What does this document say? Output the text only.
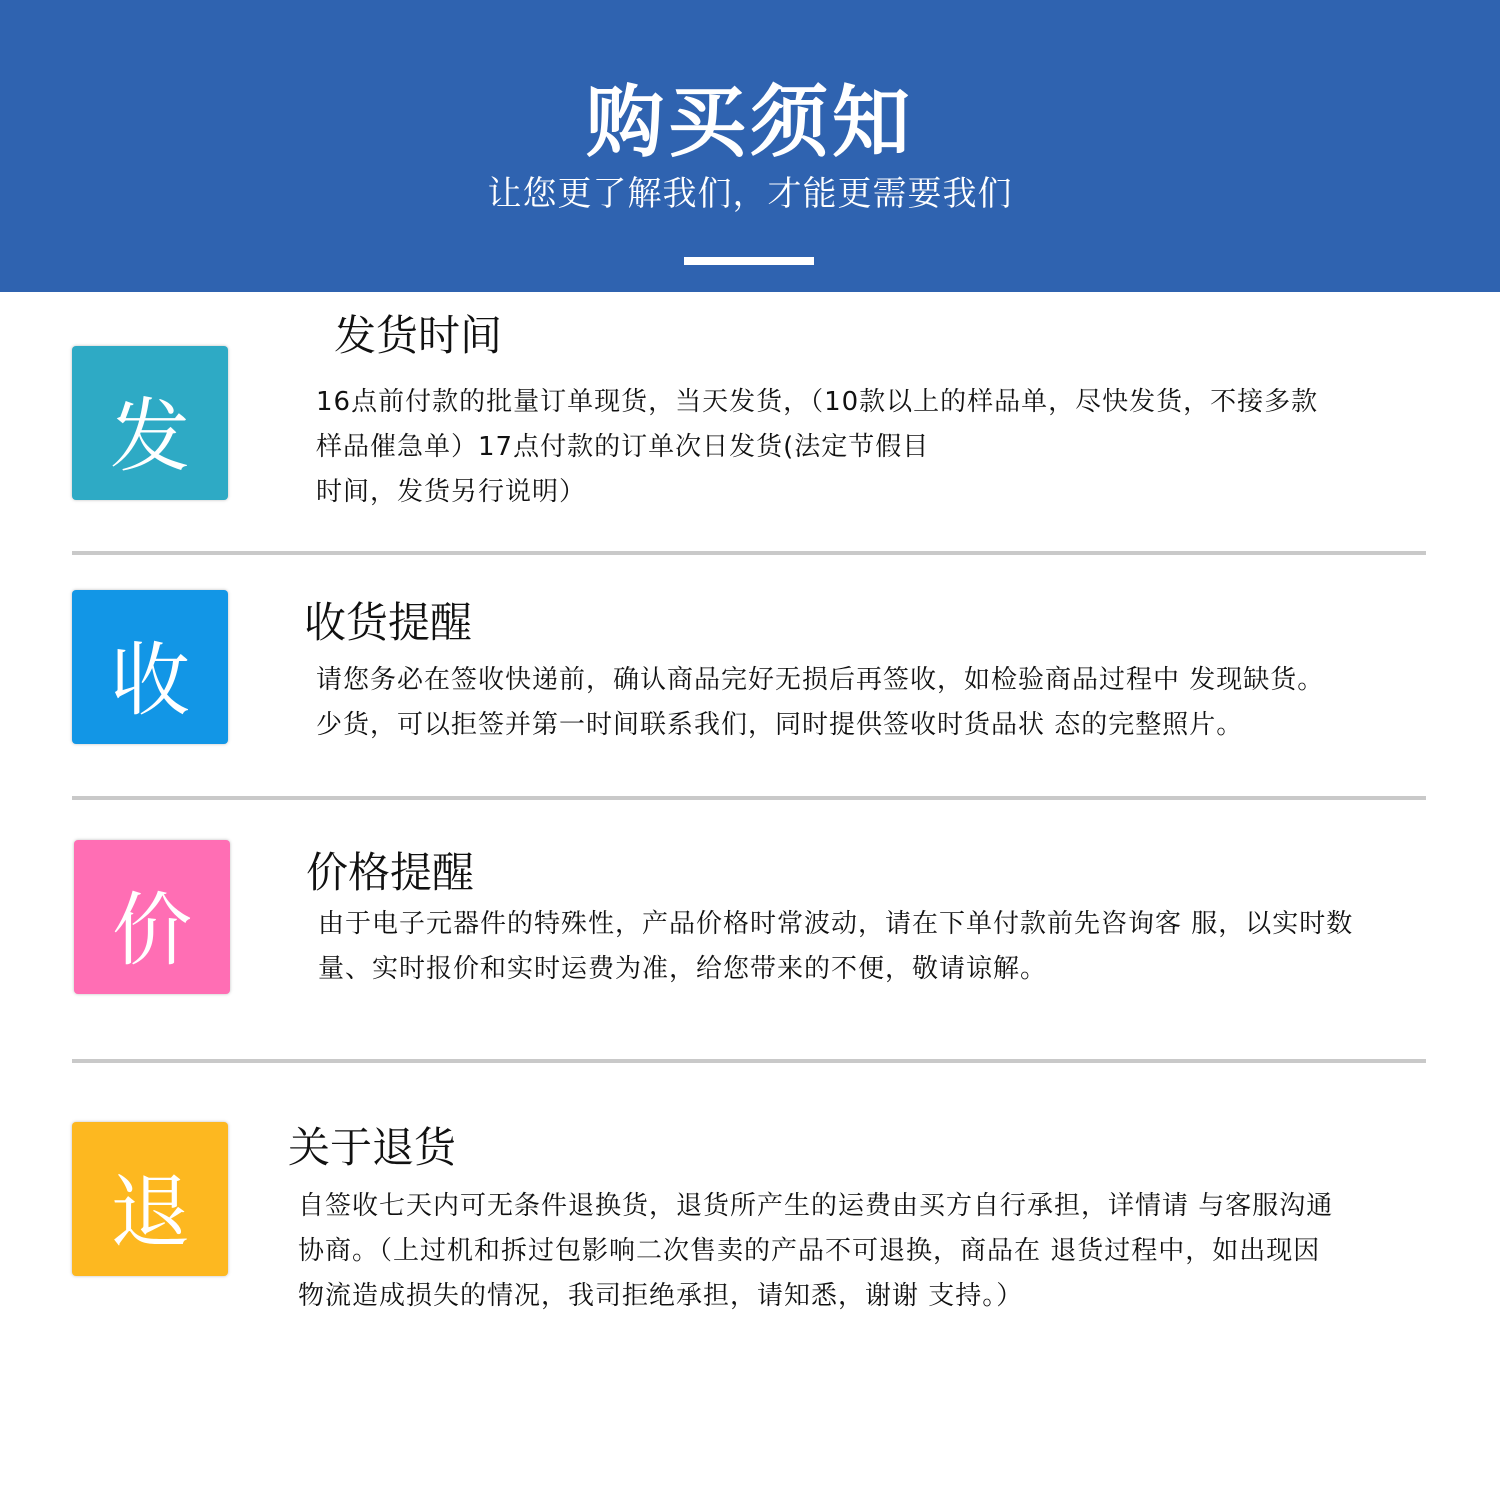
购买须知
让您更了解我们，才能更需要我们
发
发货时间
16点前付款的批量订单现货，当天发货，（10款以上的样品单，尽快发货，不接多款
样品催急单）17点付款的订单次日发货(法定节假目
时间，发货另行说明）
收
收货提醒
请您务必在签收快递前，确认商品完好无损后再签收，如检验商品过程中 发现缺货。
少货，可以拒签并第一时间联系我们，同时提供签收时货品状 态的完整照片。
价
价格提醒
由于电子元器件的特殊性，产品价格时常波动，请在下单付款前先咨询客 服，以实时数
量、实时报价和实时运费为准，给您带来的不便，敬请谅解。
退
关于退货
自签收七天内可无条件退换货，退货所产生的运费由买方自行承担，详情请 与客服沟通
协商。（上过机和拆过包影响二次售卖的产品不可退换，商品在 退货过程中，如出现因
物流造成损失的情况，我司拒绝承担，请知悉，谢谢 支持。）
